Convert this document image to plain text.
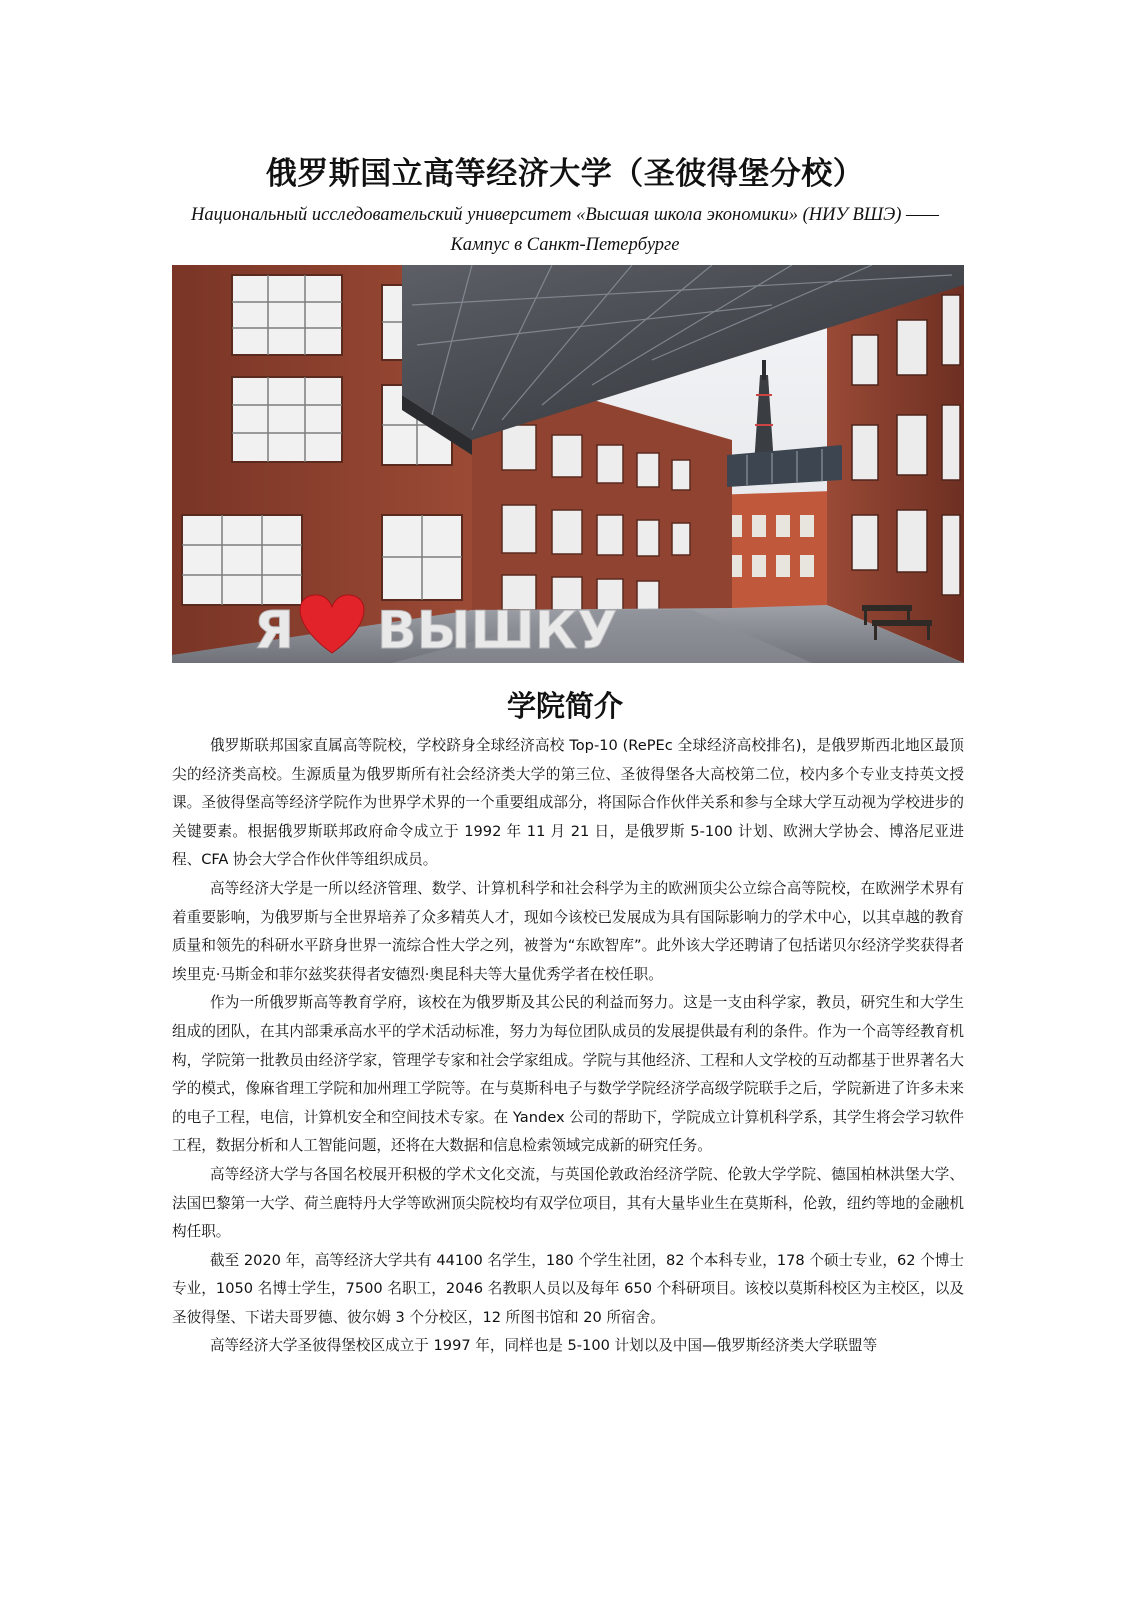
俄罗斯国立高等经济大学（圣彼得堡分校）

Национальный исследовательский университет «Высшая школа экономики» (НИУ ВШЭ) —— Кампус в Санкт-Петербурге

Я ВЫШКУ
学院简介

俄罗斯联邦国家直属高等院校，学校跻身全球经济高校 Top-10 (RePEc 全球经济高校排名)，是俄罗斯西北地区最顶尖的经济类高校。生源质量为俄罗斯所有社会经济类大学的第三位、圣彼得堡各大高校第二位，校内多个专业支持英文授课。圣彼得堡高等经济学院作为世界学术界的一个重要组成部分，将国际合作伙伴关系和参与全球大学互动视为学校进步的关键要素。根据俄罗斯联邦政府命令成立于 1992 年 11 月 21 日，是俄罗斯 5-100 计划、欧洲大学协会、博洛尼亚进程、CFA 协会大学合作伙伴等组织成员。

高等经济大学是一所以经济管理、数学、计算机科学和社会科学为主的欧洲顶尖公立综合高等院校，在欧洲学术界有着重要影响，为俄罗斯与全世界培养了众多精英人才，现如今该校已发展成为具有国际影响力的学术中心，以其卓越的教育质量和领先的科研水平跻身世界一流综合性大学之列，被誉为“东欧智库”。此外该大学还聘请了包括诺贝尔经济学奖获得者埃里克·马斯金和菲尔兹奖获得者安德烈·奥昆科夫等大量优秀学者在校任职。

作为一所俄罗斯高等教育学府，该校在为俄罗斯及其公民的利益而努力。这是一支由科学家，教员，研究生和大学生组成的团队，在其内部秉承高水平的学术活动标准，努力为每位团队成员的发展提供最有利的条件。作为一个高等经教育机构，学院第一批教员由经济学家，管理学专家和社会学家组成。学院与其他经济、工程和人文学校的互动都基于世界著名大学的模式，像麻省理工学院和加州理工学院等。在与莫斯科电子与数学学院经济学高级学院联手之后，学院新进了许多未来的电子工程，电信，计算机安全和空间技术专家。在 Yandex 公司的帮助下，学院成立计算机科学系，其学生将会学习软件工程，数据分析和人工智能问题，还将在大数据和信息检索领域完成新的研究任务。

高等经济大学与各国名校展开积极的学术文化交流，与英国伦敦政治经济学院、伦敦大学学院、德国柏林洪堡大学、法国巴黎第一大学、荷兰鹿特丹大学等欧洲顶尖院校均有双学位项目，其有大量毕业生在莫斯科，伦敦，纽约等地的金融机构任职。

截至 2020 年，高等经济大学共有 44100 名学生，180 个学生社团，82 个本科专业，178 个硕士专业，62 个博士专业，1050 名博士学生，7500 名职工，2046 名教职人员以及每年 650 个科研项目。该校以莫斯科校区为主校区，以及圣彼得堡、下诺夫哥罗德、彼尔姆 3 个分校区，12 所图书馆和 20 所宿舍。

高等经济大学圣彼得堡校区成立于 1997 年，同样也是 5-100 计划以及中国—俄罗斯经济类大学联盟等
